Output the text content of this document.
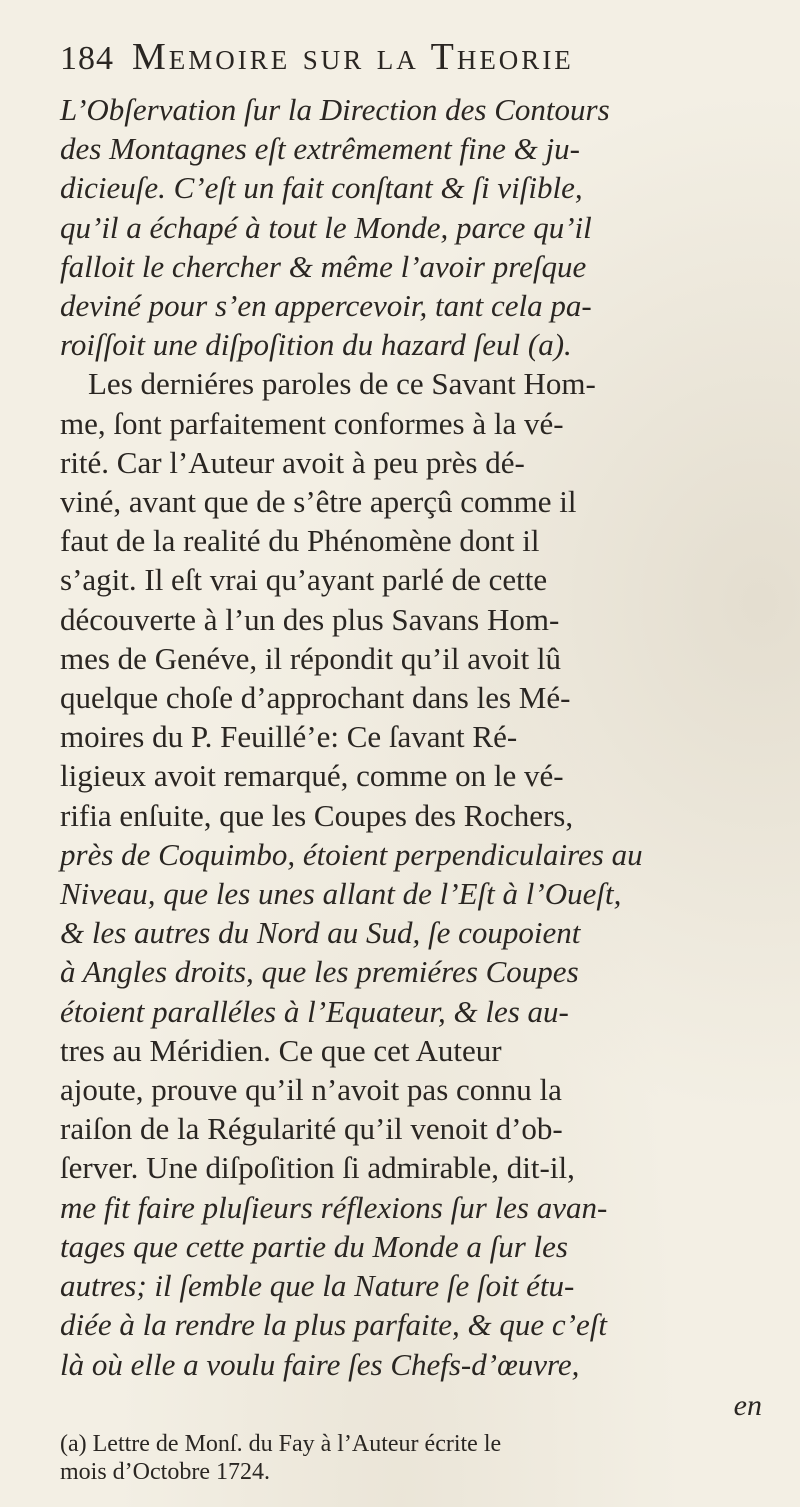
184 Memoire sur la Theorie

L’Obſervation ſur la Direction des Contours

des Montagnes eſt extrêmement fine & ju-

dicieuſe. C’eſt un fait conſtant & ſi viſible,

qu’il a échapé à tout le Monde, parce qu’il

falloit le chercher & même l’avoir preſque

deviné pour s’en appercevoir, tant cela pa-

roiſſoit une diſpoſition du hazard ſeul (a).

Les derniéres paroles de ce Savant Hom-

me, ſont parfaitement conformes à la vé-

rité. Car l’Auteur avoit à peu près dé-

viné, avant que de s’être aperçû comme il

faut de la realité du Phénomène dont il

s’agit. Il eſt vrai qu’ayant parlé de cette

découverte à l’un des plus Savans Hom-

mes de Genéve, il répondit qu’il avoit lû

quelque choſe d’approchant dans les Mé-

moires du P. Feuillé’e: Ce ſavant Ré-

ligieux avoit remarqué, comme on le vé-

rifia enſuite, que les Coupes des Rochers,

près de Coquimbo, étoient perpendiculaires au

Niveau, que les unes allant de l’Eſt à l’Oueſt,

& les autres du Nord au Sud, ſe coupoient

à Angles droits, que les premiéres Coupes

étoient paralléles à l’Equateur, & les au-

tres au Méridien. Ce que cet Auteur

ajoute, prouve qu’il n’avoit pas connu la

raiſon de la Régularité qu’il venoit d’ob-

ſerver. Une diſpoſition ſi admirable, dit-il,

me fit faire pluſieurs réflexions ſur les avan-

tages que cette partie du Monde a ſur les

autres; il ſemble que la Nature ſe ſoit étu-

diée à la rendre la plus parfaite, & que c’eſt

là où elle a voulu faire ſes Chefs-d’œuvre,

en

(a) Lettre de Monſ. du Fay à l’Auteur écrite le

mois d’Octobre 1724.
